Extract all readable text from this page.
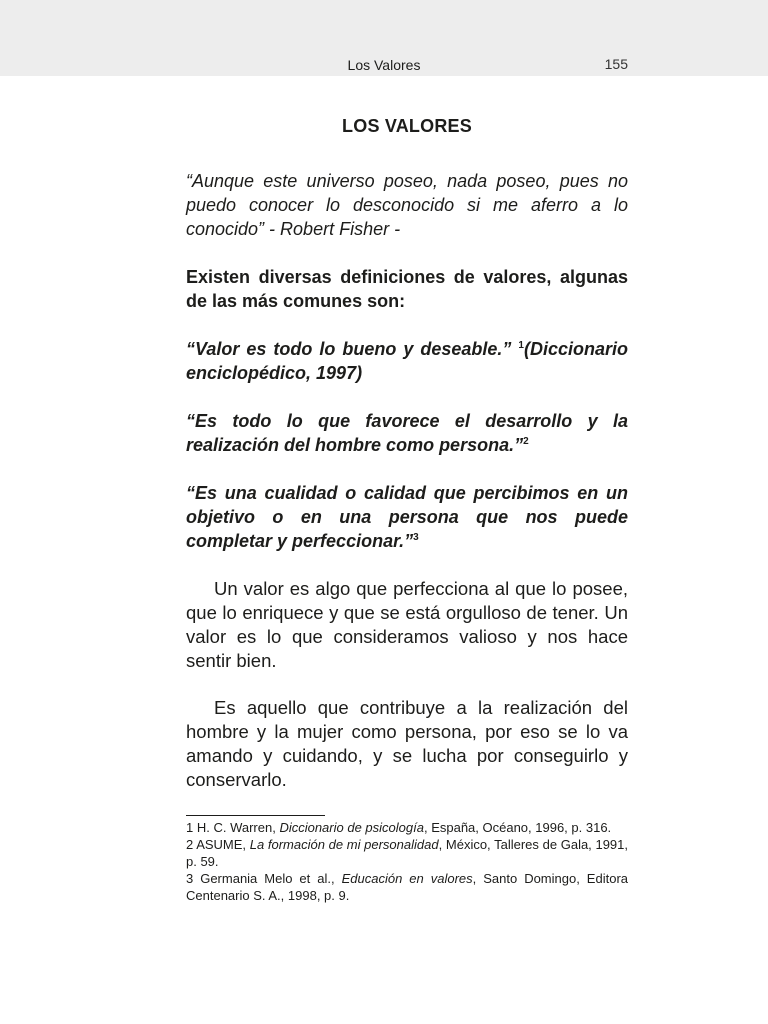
Los Valores	155
LOS VALORES

“Aunque este universo poseo, nada poseo, pues no puedo conocer lo desconocido si me aferro a lo conocido” - Robert Fisher -

Existen diversas definiciones de valores, algunas de las más comunes son:

“Valor es todo lo bueno y deseable.” $^1$(Diccionario enciclopédico, 1997)

“Es todo lo que favorece el desarrollo y la realización del hombre como persona.”$^2$

“Es una cualidad o calidad que percibimos en un objetivo o en una persona que nos puede completar y perfeccionar.”$^3$

Un valor es algo que perfecciona al que lo posee, que lo enriquece y que se está orgulloso de tener. Un valor es lo que consideramos valioso y nos hace sentir bien.

Es aquello que contribuye a la realización del hombre y la mujer como persona, por eso se lo va amando y cuidando, y se lucha por conseguirlo y conservarlo.

1 H. C. Warren, Diccionario de psicología, España, Océano, 1996, p. 316.

2 ASUME, La formación de mi personalidad, México, Talleres de Gala, 1991, p. 59.

3 Germania Melo et al., Educación en valores, Santo Domingo, Editora Centenario S. A., 1998, p. 9.
